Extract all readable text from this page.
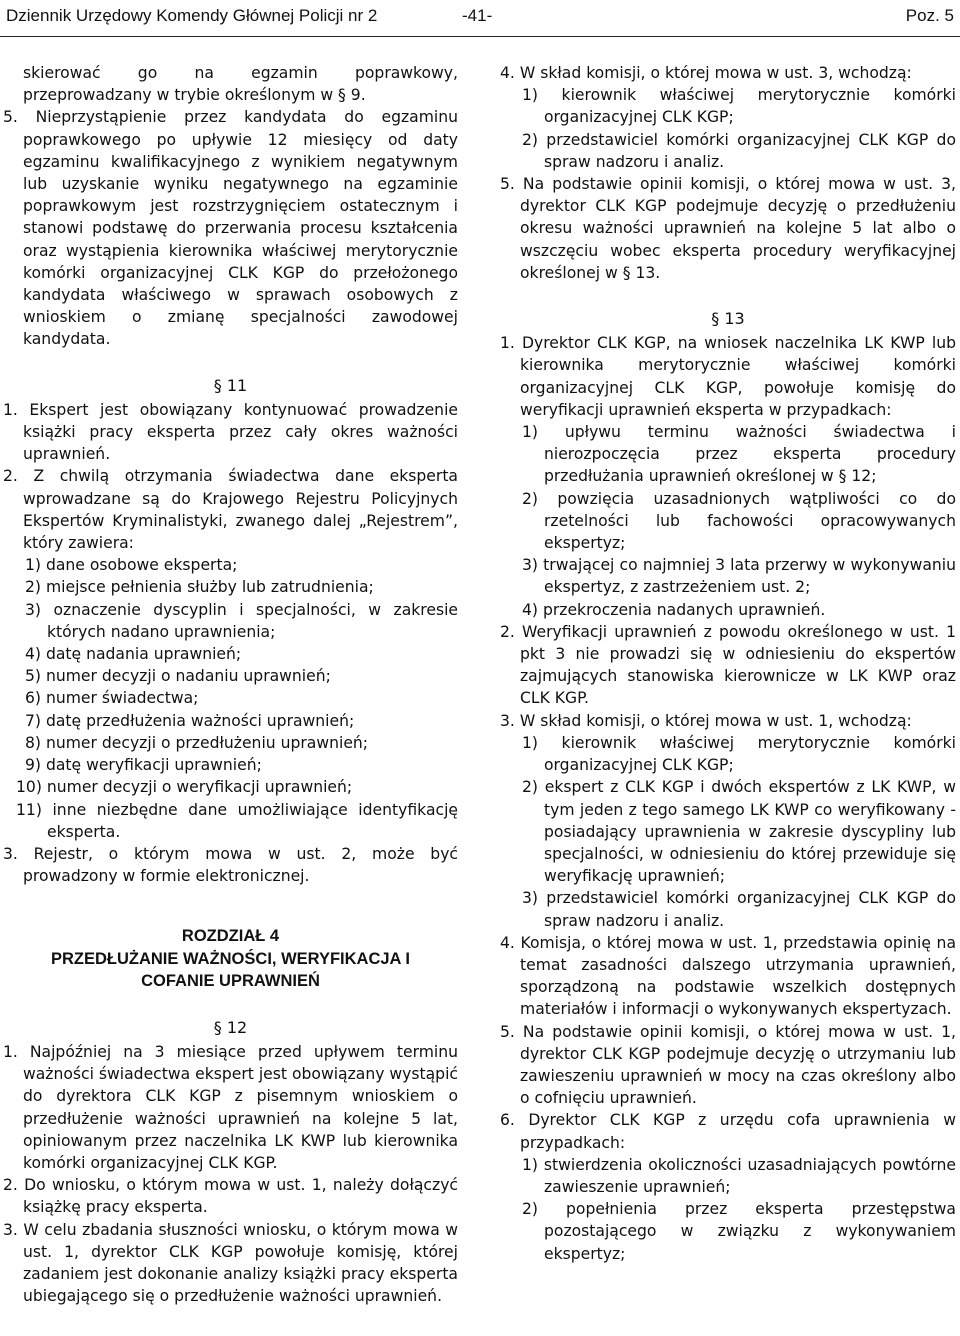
Dziennik Urzędowy Komendy Głównej Policji nr 2	-41-	Poz. 5

skierować go na egzamin poprawkowy, przeprowadzany w trybie określonym w § 9.

5. Nieprzystąpienie przez kandydata do egzaminu poprawkowego po upływie 12 miesięcy od daty egzaminu kwalifikacyjnego z wynikiem negatywnym lub uzyskanie wyniku negatywnego na egzaminie poprawkowym jest rozstrzygnięciem ostatecznym i stanowi podstawę do przerwania procesu kształcenia oraz wystąpienia kierownika właściwej merytorycznie komórki organizacyjnej CLK KGP do przełożonego kandydata właściwego w sprawach osobowych z wnioskiem o zmianę specjalności zawodowej kandydata.

§ 11

1. Ekspert jest obowiązany kontynuować prowadzenie książki pracy eksperta przez cały okres ważności uprawnień.

2. Z chwilą otrzymania świadectwa dane eksperta wprowadzane są do Krajowego Rejestru Policyjnych Ekspertów Kryminalistyki, zwanego dalej „Rejestrem”, który zawiera:

1) dane osobowe eksperta;

2) miejsce pełnienia służby lub zatrudnienia;

3) oznaczenie dyscyplin i specjalności, w zakresie których nadano uprawnienia;

4) datę nadania uprawnień;

5) numer decyzji o nadaniu uprawnień;

6) numer świadectwa;

7) datę przedłużenia ważności uprawnień;

8) numer decyzji o przedłużeniu uprawnień;

9) datę weryfikacji uprawnień;

10) numer decyzji o weryfikacji uprawnień;

11) inne niezbędne dane umożliwiające identyfikację eksperta.

3. Rejestr, o którym mowa w ust. 2, może być prowadzony w formie elektronicznej.

ROZDZIAŁ 4
PRZEDŁUŻANIE WAŻNOŚCI, WERYFIKACJA I
COFANIE UPRAWNIEŃ
§ 12

1. Najpóźniej na 3 miesiące przed upływem terminu ważności świadectwa ekspert jest obowiązany wystąpić do dyrektora CLK KGP z pisemnym wnioskiem o przedłużenie ważności uprawnień na kolejne 5 lat, opiniowanym przez naczelnika LK KWP lub kierownika komórki organizacyjnej CLK KGP.

2. Do wniosku, o którym mowa w ust. 1, należy dołączyć książkę pracy eksperta.

3. W celu zbadania słuszności wniosku, o którym mowa w ust. 1, dyrektor CLK KGP powołuje komisję, której zadaniem jest dokonanie analizy książki pracy eksperta ubiegającego się o przedłużenie ważności uprawnień.

4. W skład komisji, o której mowa w ust. 3, wchodzą:

1) kierownik właściwej merytorycznie komórki organizacyjnej CLK KGP;

2) przedstawiciel komórki organizacyjnej CLK KGP do spraw nadzoru i analiz.

5. Na podstawie opinii komisji, o której mowa w ust. 3, dyrektor CLK KGP podejmuje decyzję o przedłużeniu okresu ważności uprawnień na kolejne 5 lat albo o wszczęciu wobec eksperta procedury weryfikacyjnej określonej w § 13.

§ 13

1. Dyrektor CLK KGP, na wniosek naczelnika LK KWP lub kierownika merytorycznie właściwej komórki organizacyjnej CLK KGP, powołuje komisję do weryfikacji uprawnień eksperta w przypadkach:

1) upływu terminu ważności świadectwa i nierozpoczęcia przez eksperta procedury przedłużania uprawnień określonej w § 12;

2) powzięcia uzasadnionych wątpliwości co do rzetelności lub fachowości opracowywanych ekspertyz;

3) trwającej co najmniej 3 lata przerwy w wykonywaniu ekspertyz, z zastrzeżeniem ust. 2;

4) przekroczenia nadanych uprawnień.

2. Weryfikacji uprawnień z powodu określonego w ust. 1 pkt 3 nie prowadzi się w odniesieniu do ekspertów zajmujących stanowiska kierownicze w LK KWP oraz CLK KGP.

3. W skład komisji, o której mowa w ust. 1, wchodzą:

1) kierownik właściwej merytorycznie komórki organizacyjnej CLK KGP;

2) ekspert z CLK KGP i dwóch ekspertów z LK KWP, w tym jeden z tego samego LK KWP co weryfikowany - posiadający uprawnienia w zakresie dyscypliny lub specjalności, w odniesieniu do której przewiduje się weryfikację uprawnień;

3) przedstawiciel komórki organizacyjnej CLK KGP do spraw nadzoru i analiz.

4. Komisja, o której mowa w ust. 1, przedstawia opinię na temat zasadności dalszego utrzymania uprawnień, sporządzoną na podstawie wszelkich dostępnych materiałów i informacji o wykonywanych ekspertyzach.

5. Na podstawie opinii komisji, o której mowa w ust. 1, dyrektor CLK KGP podejmuje decyzję o utrzymaniu lub zawieszeniu uprawnień w mocy na czas określony albo o cofnięciu uprawnień.

6. Dyrektor CLK KGP z urzędu cofa uprawnienia w przypadkach:

1) stwierdzenia okoliczności uzasadniających powtórne zawieszenie uprawnień;

2) popełnienia przez eksperta przestępstwa pozostającego w związku z wykonywaniem ekspertyz;
